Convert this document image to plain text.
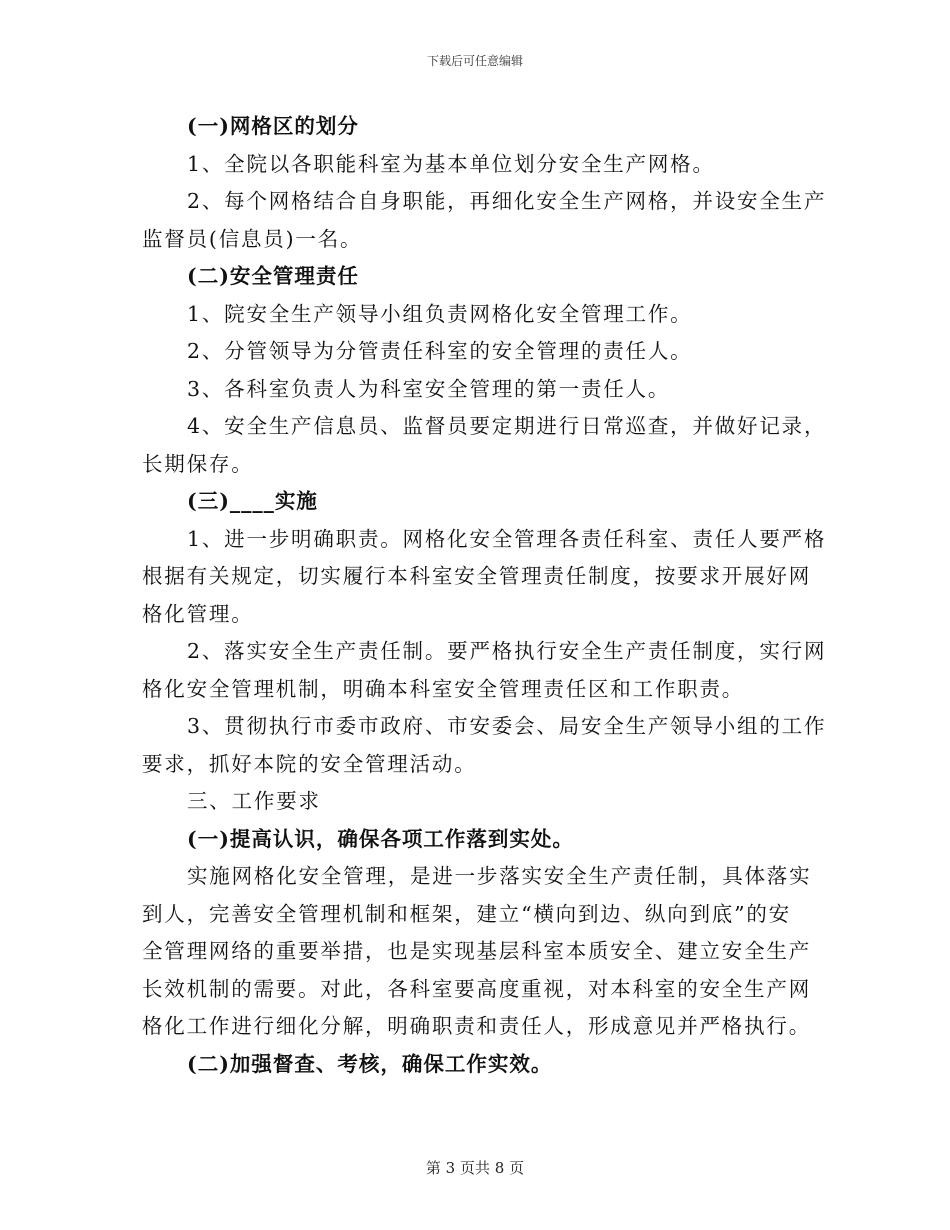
下载后可任意编辑
(一)网格区的划分
1、全院以各职能科室为基本单位划分安全生产网格。
2、每个网格结合自身职能，再细化安全生产网格，并设安全生产
监督员(信息员)一名。
(二)安全管理责任
1、院安全生产领导小组负责网格化安全管理工作。
2、分管领导为分管责任科室的安全管理的责任人。
3、各科室负责人为科室安全管理的第一责任人。
4、安全生产信息员、监督员要定期进行日常巡查，并做好记录，
长期保存。
(三)____实施
1、进一步明确职责。网格化安全管理各责任科室、责任人要严格
根据有关规定，切实履行本科室安全管理责任制度，按要求开展好网
格化管理。
2、落实安全生产责任制。要严格执行安全生产责任制度，实行网
格化安全管理机制，明确本科室安全管理责任区和工作职责。
3、贯彻执行市委市政府、市安委会、局安全生产领导小组的工作
要求，抓好本院的安全管理活动。
三、工作要求
(一)提高认识，确保各项工作落到实处。
实施网格化安全管理，是进一步落实安全生产责任制，具体落实
到人，完善安全管理机制和框架，建立“横向到边、纵向到底”的安
全管理网络的重要举措，也是实现基层科室本质安全、建立安全生产
长效机制的需要。对此，各科室要高度重视，对本科室的安全生产网
格化工作进行细化分解，明确职责和责任人，形成意见并严格执行。
(二)加强督查、考核，确保工作实效。
第 3 页共 8 页
